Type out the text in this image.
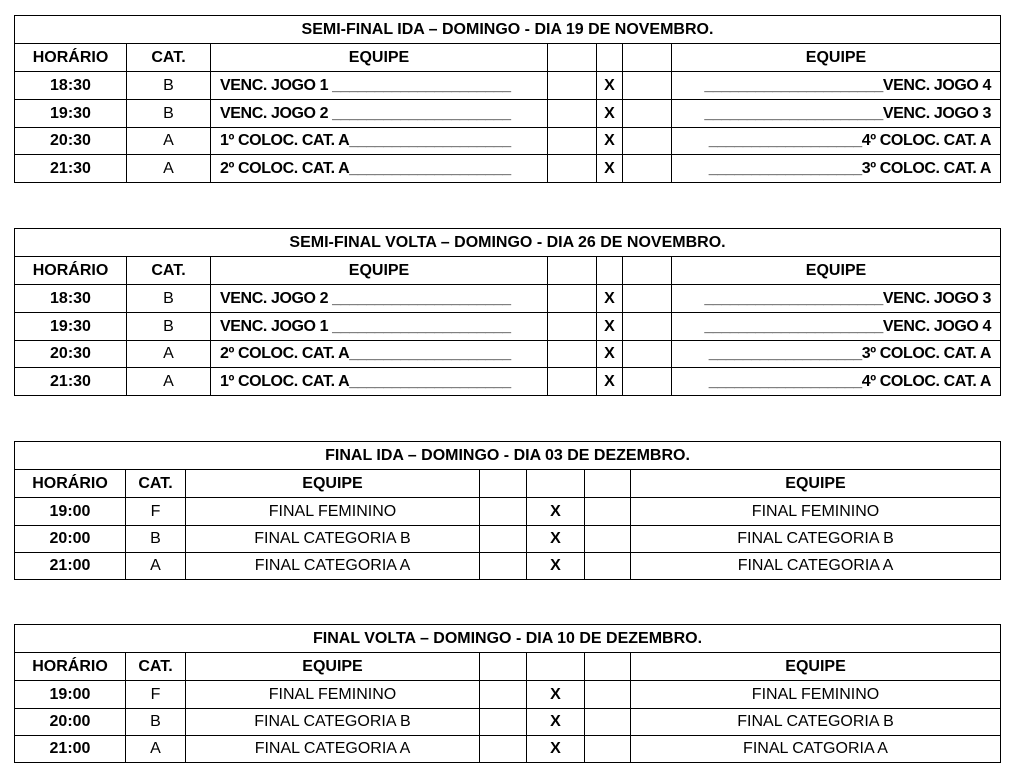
SEMI-FINAL IDA – DOMINGO - DIA 19 DE NOVEMBRO.						
HORÁRIO	CAT.	EQUIPE				EQUIPE
18:30	B	VENC. JOGO 1 _____________________		X		_____________________VENC. JOGO 4
19:30	B	VENC. JOGO 2 _____________________		X		_____________________VENC. JOGO 3
20:30	A	1º COLOC. CAT. A___________________		X		__________________4º COLOC. CAT. A
21:30	A	2º COLOC. CAT. A___________________		X		__________________3º COLOC. CAT. A
SEMI-FINAL VOLTA – DOMINGO - DIA 26 DE NOVEMBRO.						
HORÁRIO	CAT.	EQUIPE				EQUIPE
18:30	B	VENC. JOGO 2 _____________________		X		_____________________VENC. JOGO 3
19:30	B	VENC. JOGO 1 _____________________		X		_____________________VENC. JOGO 4
20:30	A	2º COLOC. CAT. A___________________		X		__________________3º COLOC. CAT. A
21:30	A	1º COLOC. CAT. A___________________		X		__________________4º COLOC. CAT. A
FINAL IDA – DOMINGO - DIA 03 DE DEZEMBRO.						
HORÁRIO	CAT.	EQUIPE				EQUIPE
19:00	F	FINAL FEMININO		X		FINAL FEMININO
20:00	B	FINAL CATEGORIA B		X		FINAL CATEGORIA B
21:00	A	FINAL CATEGORIA A		X		FINAL CATEGORIA A
FINAL VOLTA – DOMINGO - DIA 10 DE DEZEMBRO.						
HORÁRIO	CAT.	EQUIPE				EQUIPE
19:00	F	FINAL FEMININO		X		FINAL FEMININO
20:00	B	FINAL CATEGORIA B		X		FINAL CATEGORIA B
21:00	A	FINAL CATEGORIA A		X		FINAL CATGORIA A
